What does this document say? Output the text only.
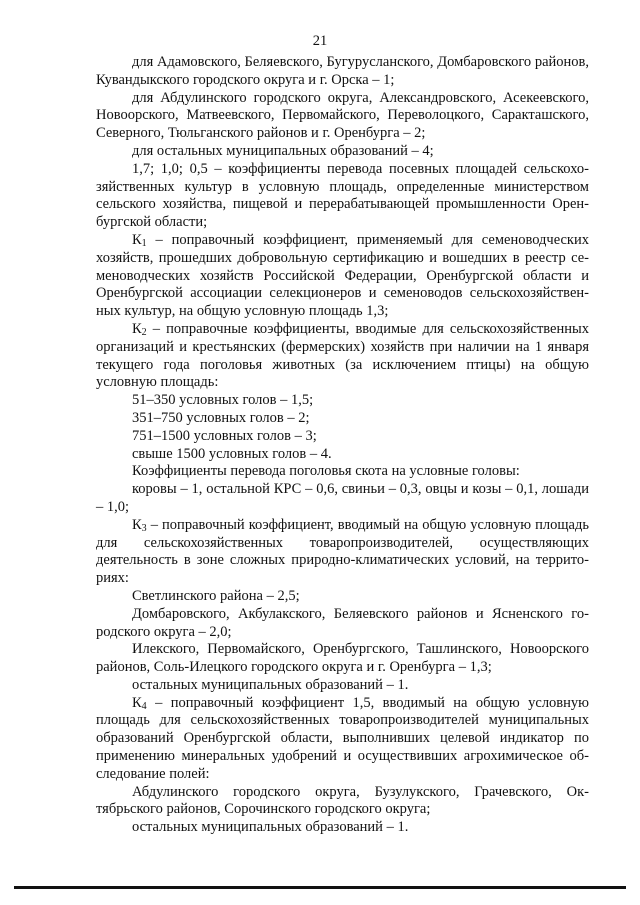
21

для Адамовского, Беляевского, Бугурусланского, Домбаровского районов, Кувандыкского городского округа и г. Орска – 1;

для Абдулинского городского округа, Александровского, Асекеевского, Новоорского, Матвеевского, Первомайского, Переволоцкого, Саракташского, Северного, Тюльганского районов и г. Оренбурга – 2;

для остальных муниципальных образований – 4;

1,7; 1,0; 0,5 – коэффициенты перевода посевных площадей сельскохозяйственных культур в условную площадь, определенные министерством сельского хозяйства, пищевой и перерабатывающей промышленности Оренбургской области;

$К_1$ – поправочный коэффициент, применяемый для семеноводческих хозяйств, прошедших добровольную сертификацию и вошедших в реестр семеноводческих хозяйств Российской Федерации, Оренбургской области и Оренбургской ассоциации селекционеров и семеноводов сельскохозяйственных культур, на общую условную площадь 1,3;

$К_2$ – поправочные коэффициенты, вводимые для сельскохозяйственных организаций и крестьянских (фермерских) хозяйств при наличии на 1 января текущего года поголовья животных (за исключением птицы) на общую условную площадь:

51–350 условных голов – 1,5;

351–750 условных голов – 2;

751–1500 условных голов – 3;

свыше 1500 условных голов – 4.

Коэффициенты перевода поголовья скота на условные головы:

коровы – 1, остальной КРС – 0,6, свиньи – 0,3, овцы и козы – 0,1, лошади – 1,0;

$К_3$ – поправочный коэффициент, вводимый на общую условную площадь для сельскохозяйственных товаропроизводителей, осуществляющих деятельность в зоне сложных природно-климатических условий, на территориях:

Светлинского района – 2,5;

Домбаровского, Акбулакского, Беляевского районов и Ясненского городского округа – 2,0;

Илекского, Первомайского, Оренбургского, Ташлинского, Новоорского районов, Соль-Илецкого городского округа и г. Оренбурга – 1,3;

остальных муниципальных образований – 1.

$К_4$ – поправочный коэффициент 1,5, вводимый на общую условную площадь для сельскохозяйственных товаропроизводителей муниципальных образований Оренбургской области, выполнивших целевой индикатор по применению минеральных удобрений и осуществивших агрохимическое обследование полей:

Абдулинского городского округа, Бузулукского, Грачевского, Октябрьского районов, Сорочинского городского округа;

остальных муниципальных образований – 1.
